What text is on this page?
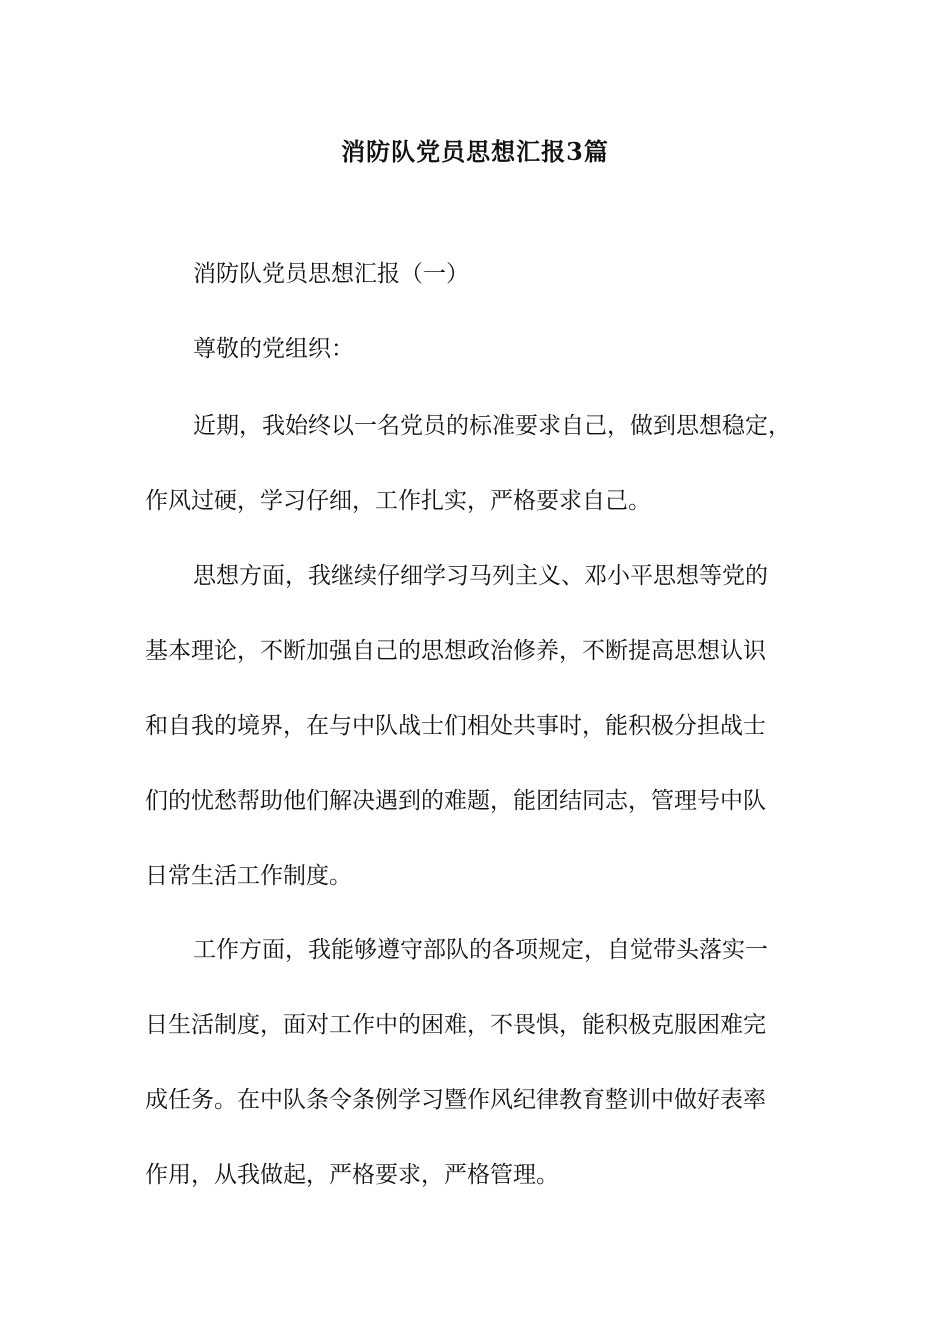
消防队党员思想汇报3篇

消防队党员思想汇报（一）

尊敬的党组织：

近期，我始终以一名党员的标准要求自己，做到思想稳定，

作风过硬，学习仔细，工作扎实，严格要求自己。

思想方面，我继续仔细学习马列主义、邓小平思想等党的

基本理论，不断加强自己的思想政治修养，不断提高思想认识

和自我的境界，在与中队战士们相处共事时，能积极分担战士

们的忧愁帮助他们解决遇到的难题，能团结同志，管理号中队

日常生活工作制度。

工作方面，我能够遵守部队的各项规定，自觉带头落实一

日生活制度，面对工作中的困难，不畏惧，能积极克服困难完

成任务。在中队条令条例学习暨作风纪律教育整训中做好表率

作用，从我做起，严格要求，严格管理。
